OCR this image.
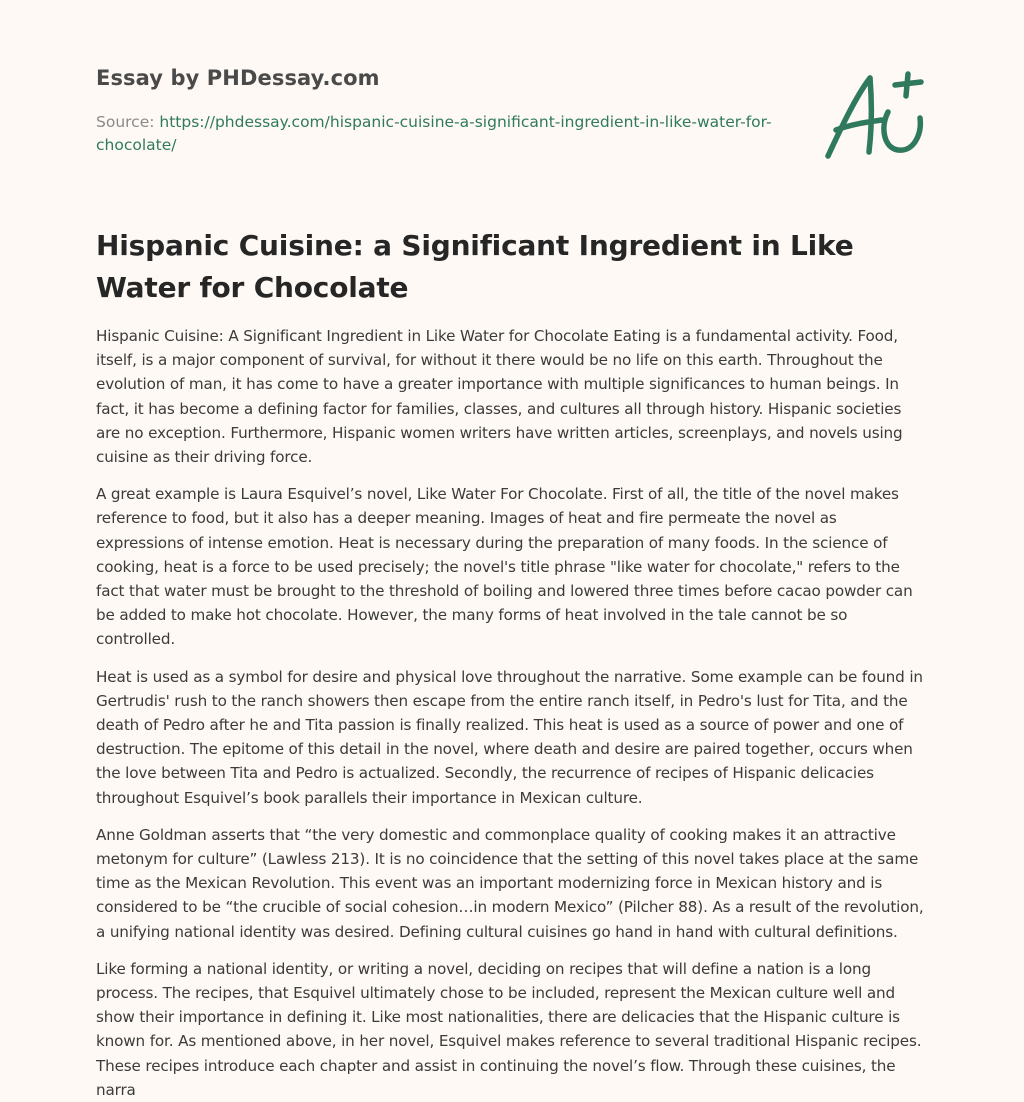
Essay by PHDessay.com
Source: https://phdessay.com/hispanic-cuisine-a-significant-ingredient-in-like-water-for-chocolate/
Hispanic Cuisine: a Significant Ingredient in Like Water for Chocolate

Hispanic Cuisine: A Significant Ingredient in Like Water for Chocolate Eating is a fundamental activity. Food, itself, is a major component of survival, for without it there would be no life on this earth. Throughout the evolution of man, it has come to have a greater importance with multiple significances to human beings. In fact, it has become a defining factor for families, classes, and cultures all through history. Hispanic societies are no exception. Furthermore, Hispanic women writers have written articles, screenplays, and novels using cuisine as their driving force.

A great example is Laura Esquivel’s novel, Like Water For Chocolate. First of all, the title of the novel makes reference to food, but it also has a deeper meaning. Images of heat and fire permeate the novel as expressions of intense emotion. Heat is necessary during the preparation of many foods. In the science of cooking, heat is a force to be used precisely; the novel's title phrase "like water for chocolate," refers to the fact that water must be brought to the threshold of boiling and lowered three times before cacao powder can be added to make hot chocolate. However, the many forms of heat involved in the tale cannot be so controlled.

Heat is used as a symbol for desire and physical love throughout the narrative. Some example can be found in Gertrudis' rush to the ranch showers then escape from the entire ranch itself, in Pedro's lust for Tita, and the death of Pedro after he and Tita passion is finally realized. This heat is used as a source of power and one of destruction. The epitome of this detail in the novel, where death and desire are paired together, occurs when the love between Tita and Pedro is actualized. Secondly, the recurrence of recipes of Hispanic delicacies throughout Esquivel’s book parallels their importance in Mexican culture.

Anne Goldman asserts that “the very domestic and commonplace quality of cooking makes it an attractive metonym for culture” (Lawless 213). It is no coincidence that the setting of this novel takes place at the same time as the Mexican Revolution. This event was an important modernizing force in Mexican history and is considered to be “the crucible of social cohesion…in modern Mexico” (Pilcher 88). As a result of the revolution, a unifying national identity was desired. Defining cultural cuisines go hand in hand with cultural definitions.

Like forming a national identity, or writing a novel, deciding on recipes that will define a nation is a long process. The recipes, that Esquivel ultimately chose to be included, represent the Mexican culture well and show their importance in defining it. Like most nationalities, there are delicacies that the Hispanic culture is known for. As mentioned above, in her novel, Esquivel makes reference to several traditional Hispanic recipes. These recipes introduce each chapter and assist in continuing the novel’s flow. Through these cuisines, the narra
